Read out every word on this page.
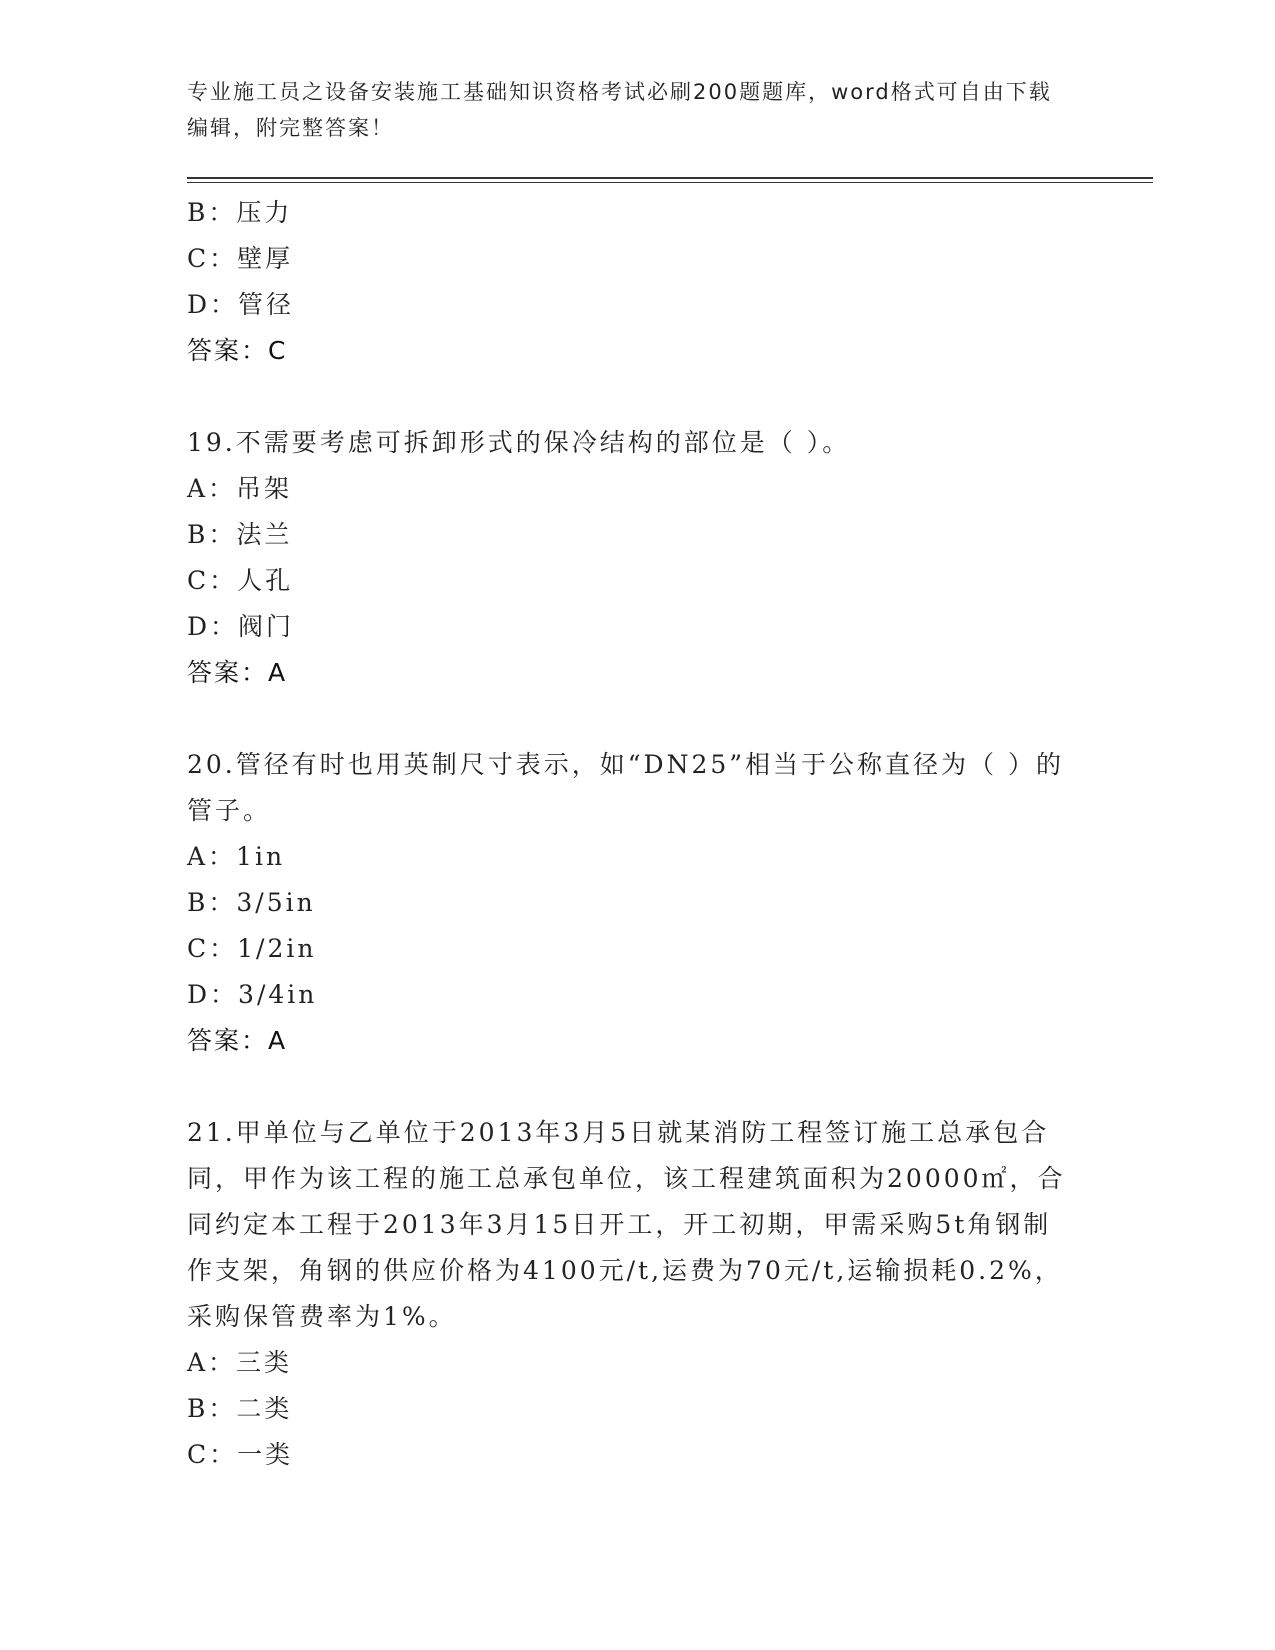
专业施工员之设备安装施工基础知识资格考试必刷200题题库，word格式可自由下载编辑，附完整答案！
B：压力
C：壁厚
D：管径
答案：C
19.不需要考虑可拆卸形式的保冷结构的部位是（ ）。
A：吊架
B：法兰
C：人孔
D：阀门
答案：A
20.管径有时也用英制尺寸表示，如“DN25”相当于公称直径为（ ）的管子。
A：1in
B：3/5in
C：1/2in
D：3/4in
答案：A
21.甲单位与乙单位于2013年3月5日就某消防工程签订施工总承包合同，甲作为该工程的施工总承包单位，该工程建筑面积为20000㎡，合同约定本工程于2013年3月15日开工，开工初期，甲需采购5t角钢制作支架，角钢的供应价格为4100元/t,运费为70元/t,运输损耗0.2%，采购保管费率为1%。
A：三类
B：二类
C：一类
